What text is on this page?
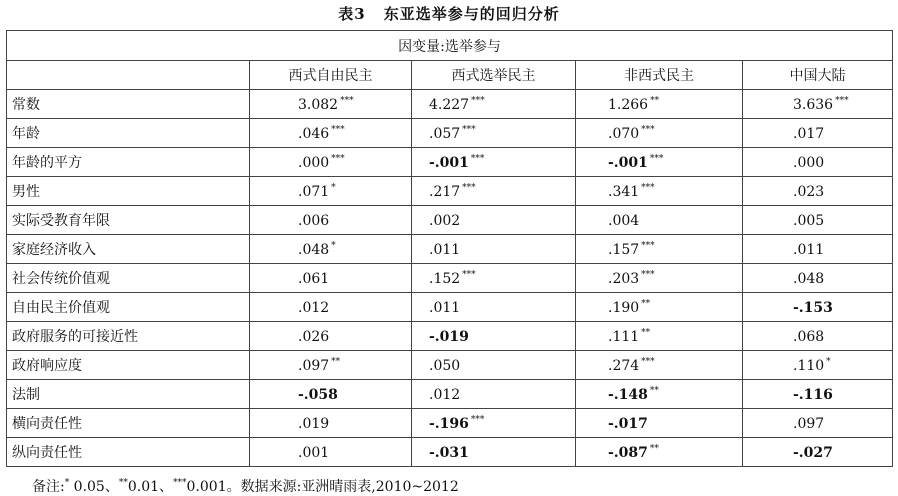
表3 东亚选举参与的回归分析
因变量:选举参与				
	西式自由民主	西式选举民主	非西式民主	中国大陆
常数	3.082 ***	4.227 ***	1.266 **	3.636 ***
年龄	.046 ***	.057 ***	.070 ***	.017
年龄的平方	.000 ***	-.001 ***	-.001 ***	.000
男性	.071 *	.217 ***	.341 ***	.023
实际受教育年限	.006	.002	.004	.005
家庭经济收入	.048 *	.011	.157 ***	.011
社会传统价值观	.061	.152 ***	.203 ***	.048
自由民主价值观	.012	.011	.190 **	-.153
政府服务的可接近性	.026	-.019	.111 **	.068
政府响应度	.097 **	.050	.274 ***	.110 *
法制	-.058	.012	-.148 **	-.116
横向责任性	.019	-.196 ***	-.017	.097
纵向责任性	.001	-.031	-.087 **	-.027
备注:* 0.05、**0.01、***0.001。数据来源:亚洲晴雨表,2010~2012
